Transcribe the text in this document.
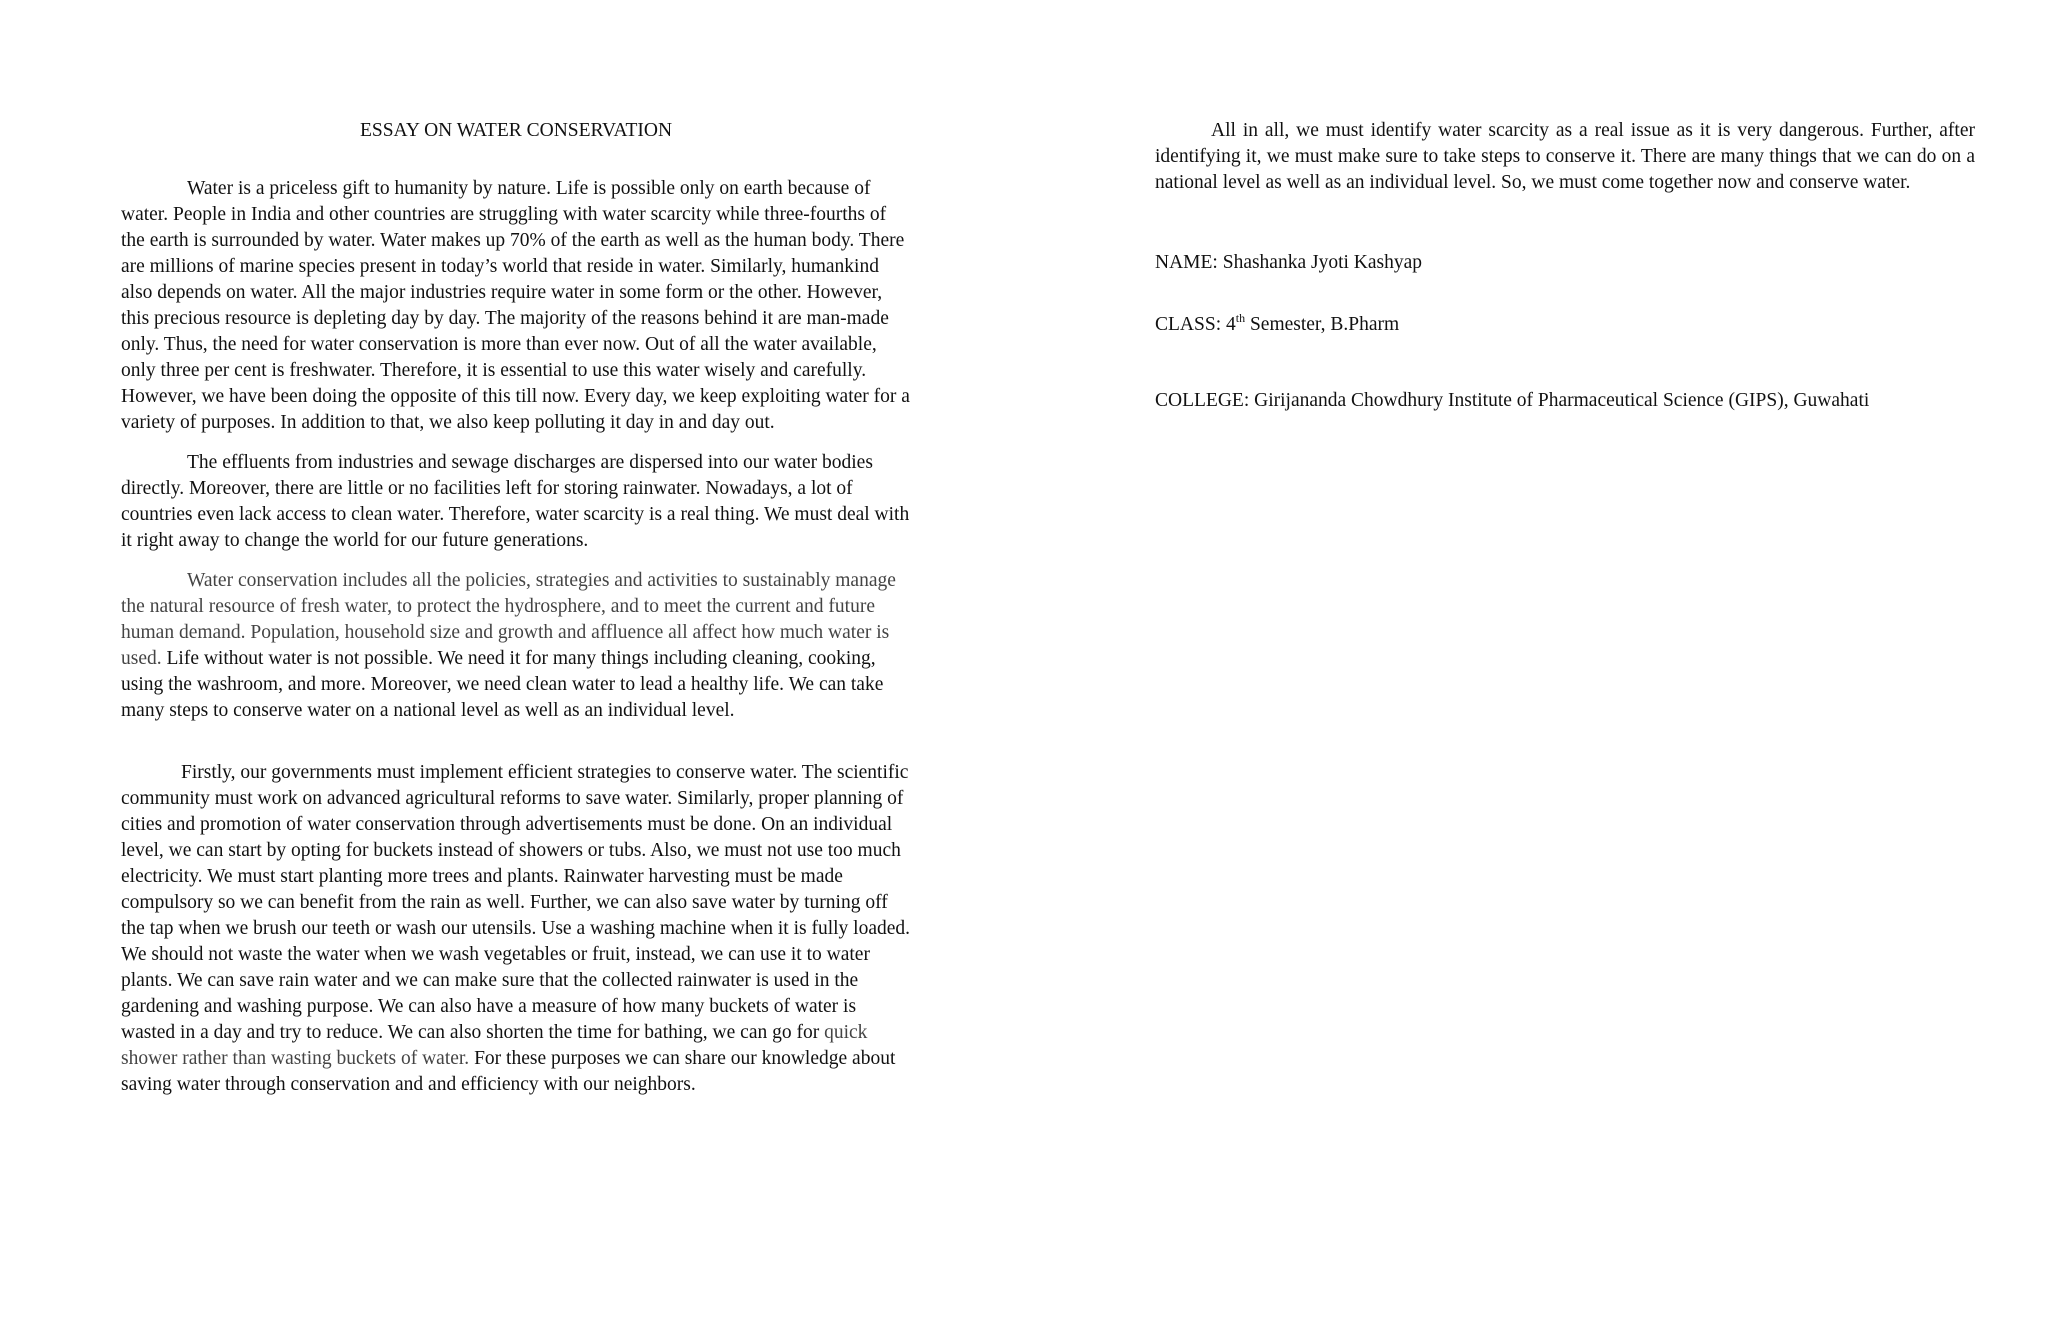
ESSAY ON WATER CONSERVATION

Water is a priceless gift to humanity by nature. Life is possible only on earth because of water. People in India and other countries are struggling with water scarcity while three-fourths of the earth is surrounded by water. Water makes up 70% of the earth as well as the human body. There are millions of marine species present in today’s world that reside in water. Similarly, humankind also depends on water. All the major industries require water in some form or the other. However, this precious resource is depleting day by day. The majority of the reasons behind it are man-made only. Thus, the need for water conservation is more than ever now. Out of all the water available, only three per cent is freshwater. Therefore, it is essential to use this water wisely and carefully. However, we have been doing the opposite of this till now. Every day, we keep exploiting water for a variety of purposes. In addition to that, we also keep polluting it day in and day out.

The effluents from industries and sewage discharges are dispersed into our water bodies directly. Moreover, there are little or no facilities left for storing rainwater. Nowadays, a lot of countries even lack access to clean water. Therefore, water scarcity is a real thing. We must deal with it right away to change the world for our future generations.

Water conservation includes all the policies, strategies and activities to sustainably manage the natural resource of fresh water, to protect the hydrosphere, and to meet the current and future human demand. Population, household size and growth and affluence all affect how much water is used. Life without water is not possible. We need it for many things including cleaning, cooking, using the washroom, and more. Moreover, we need clean water to lead a healthy life. We can take many steps to conserve water on a national level as well as an individual level.

Firstly, our governments must implement efficient strategies to conserve water. The scientific community must work on advanced agricultural reforms to save water. Similarly, proper planning of cities and promotion of water conservation through advertisements must be done. On an individual level, we can start by opting for buckets instead of showers or tubs. Also, we must not use too much electricity. We must start planting more trees and plants. Rainwater harvesting must be made compulsory so we can benefit from the rain as well. Further, we can also save water by turning off the tap when we brush our teeth or wash our utensils. Use a washing machine when it is fully loaded. We should not waste the water when we wash vegetables or fruit, instead, we can use it to water plants. We can save rain water and we can make sure that the collected rainwater is used in the gardening and washing purpose. We can also have a measure of how many buckets of water is wasted in a day and try to reduce. We can also shorten the time for bathing, we can go for quick shower rather than wasting buckets of water. For these purposes we can share our knowledge about saving water through conservation and and efficiency with our neighbors.

All in all, we must identify water scarcity as a real issue as it is very dangerous. Further, after identifying it, we must make sure to take steps to conserve it. There are many things that we can do on a national level as well as an individual level. So, we must come together now and conserve water.

NAME: Shashanka Jyoti Kashyap

CLASS: 4th Semester, B.Pharm

COLLEGE: Girijananda Chowdhury Institute of Pharmaceutical Science (GIPS), Guwahati
